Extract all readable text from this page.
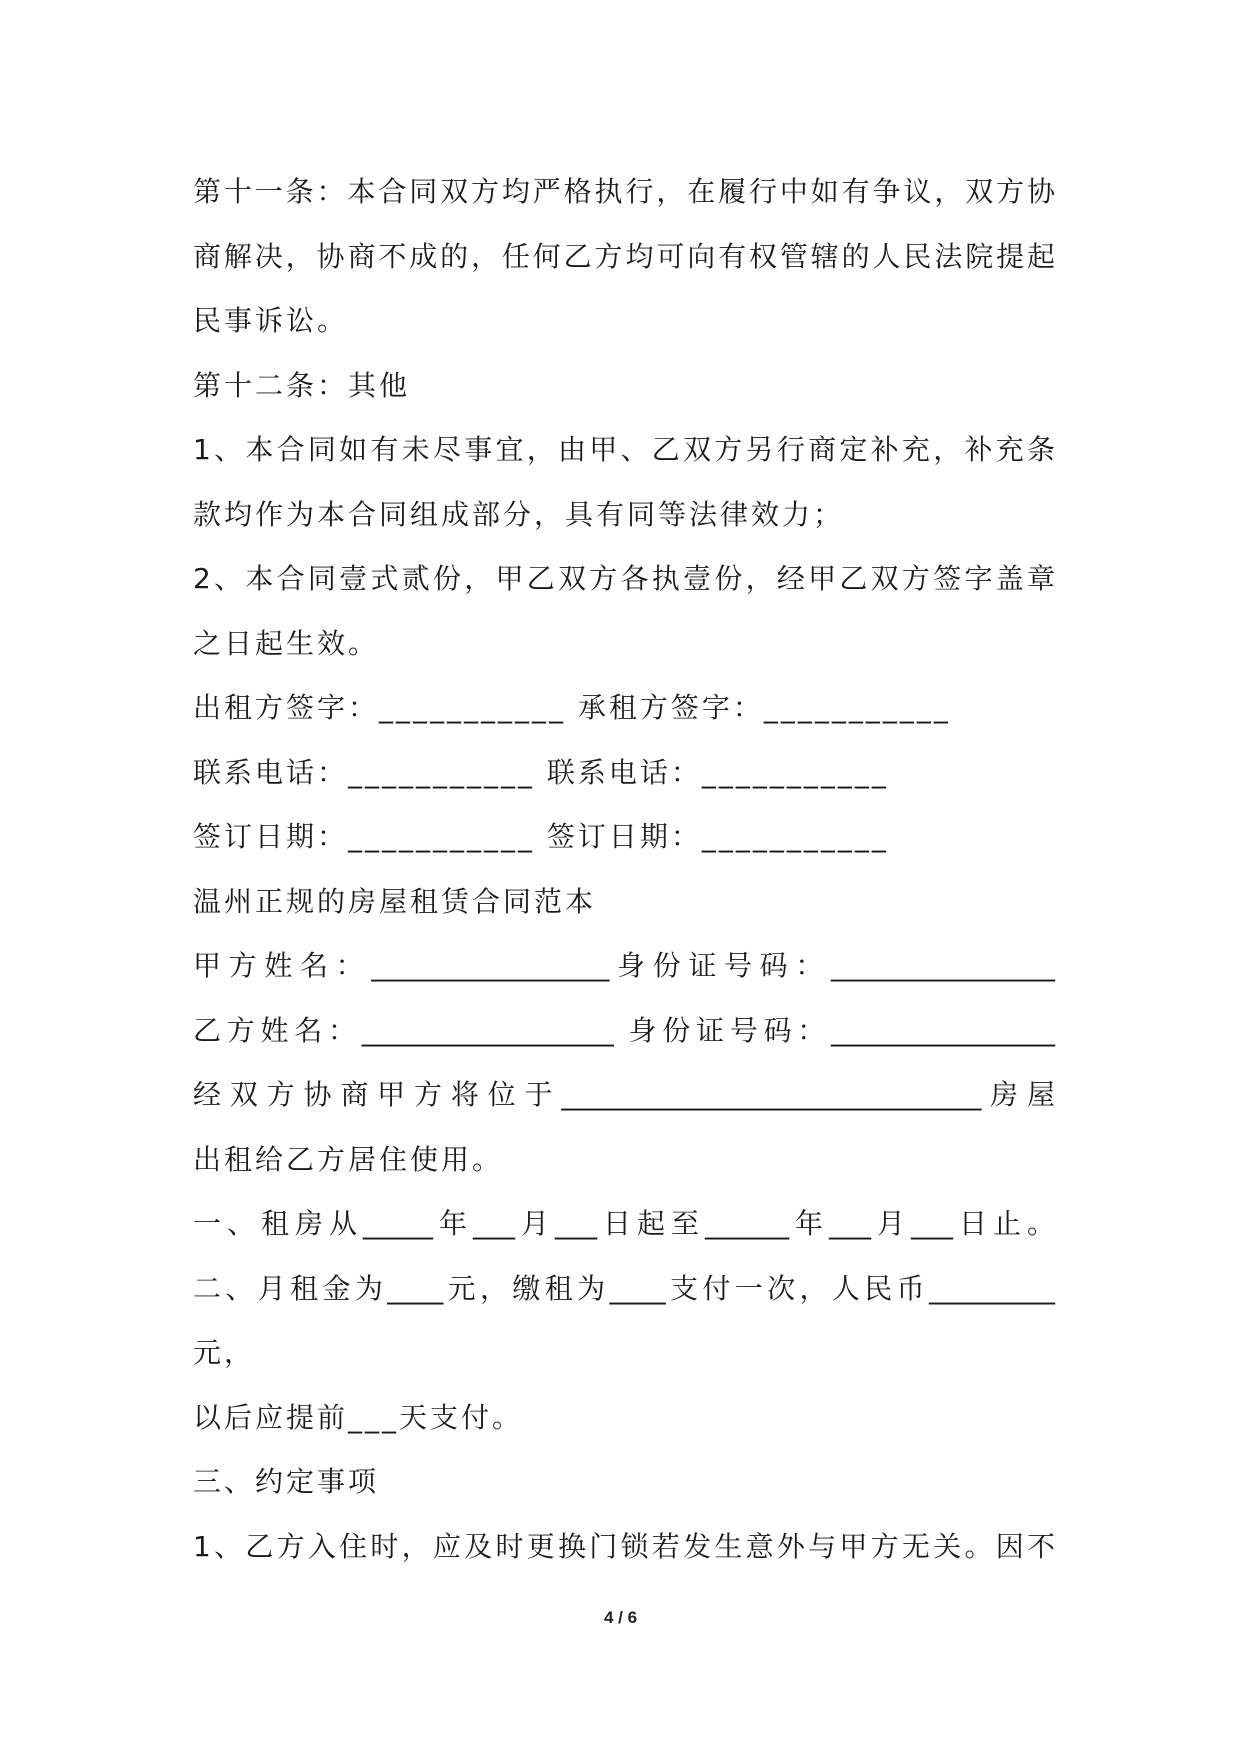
第十一条：本合同双方均严格执行，在履行中如有争议，双方协
商解决，协商不成的，任何乙方均可向有权管辖的人民法院提起
民事诉讼。
第十二条：其他
1、本合同如有未尽事宜，由甲、乙双方另行商定补充，补充条
款均作为本合同组成部分，具有同等法律效力；
2、本合同壹式贰份，甲乙双方各执壹份，经甲乙双方签字盖章
之日起生效。
出租方签字：___________ 承租方签字：___________
联系电话：___________ 联系电话：___________
签订日期：___________ 签订日期：___________
温州正规的房屋租赁合同范本
甲方姓名：_________________身份证号码：________________
乙方姓名：__________________ 身份证号码：________________
经双方协商甲方将位于______________________________房屋
出租给乙方居住使用。
一、租房从_____年___月___日起至______年___月___日止。
二、月租金为____元，缴租为____支付一次，人民币_________
元，
以后应提前___天支付。
三、约定事项
1、乙方入住时，应及时更换门锁若发生意外与甲方无关。因不
4 / 6
